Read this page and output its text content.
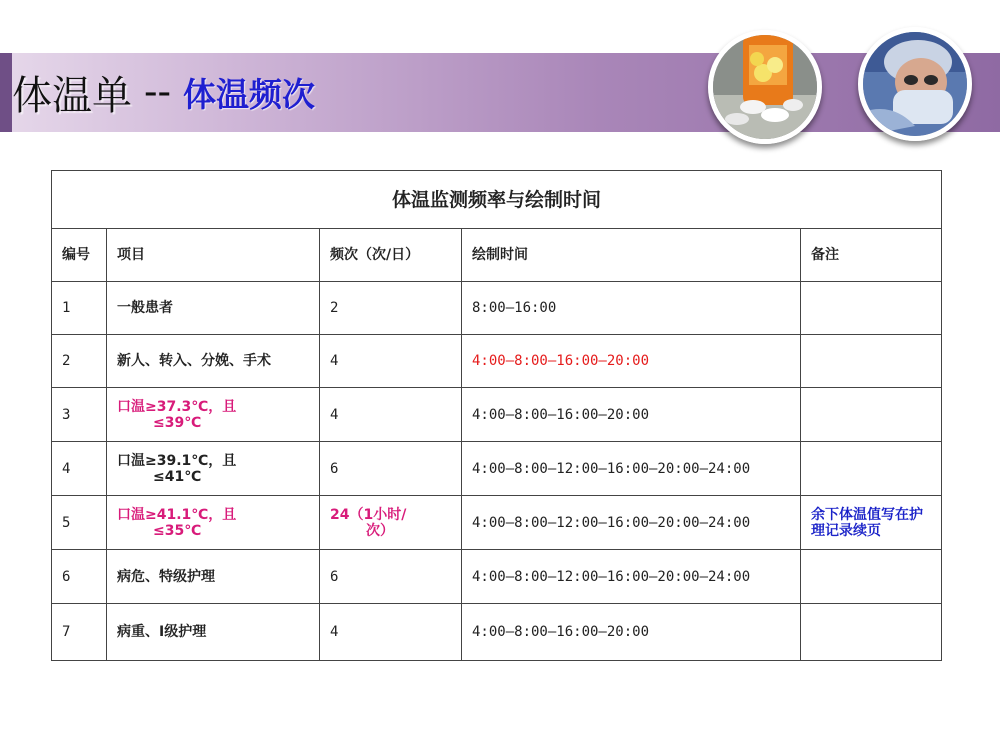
体温单 -- 体温频次
体温监测频率与绘制时间				
编号	项目	频次（次/日）	绘制时间	备注
1	一般患者	2	8:00—16:00	
2	新人、转入、分娩、手术	4	4:00—8:00—16:00—20:00	
3	口温≥37.3℃，且
≤39℃	4	4:00—8:00—16:00—20:00	
4	口温≥39.1℃，且
≤41℃	6	4:00—8:00—12:00—16:00—20:00—24:00	
5	口温≥41.1℃，且
≤35℃	24（1小时/
次）	4:00—8:00—12:00—16:00—20:00—24:00	余下体温值写在护理记录续页
6	病危、特级护理	6	4:00—8:00—12:00—16:00—20:00—24:00	
7	病重、Ⅰ级护理	4	4:00—8:00—16:00—20:00	
